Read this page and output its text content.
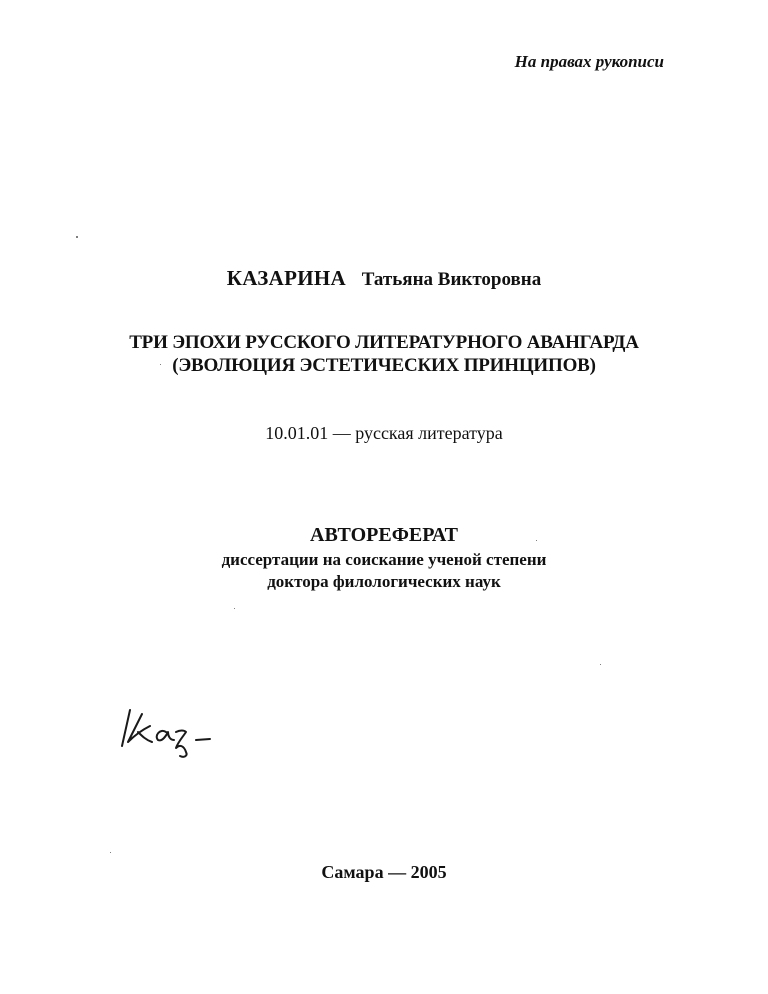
На правах рукописи
КАЗАРИНА Татьяна Викторовна
ТРИ ЭПОХИ РУССКОГО ЛИТЕРАТУРНОГО АВАНГАРДА
(ЭВОЛЮЦИЯ ЭСТЕТИЧЕСКИХ ПРИНЦИПОВ)
10.01.01 — русская литература
АВТОРЕФЕРАТ
диссертации на соискание ученой степени
доктора филологических наук
Самара — 2005
